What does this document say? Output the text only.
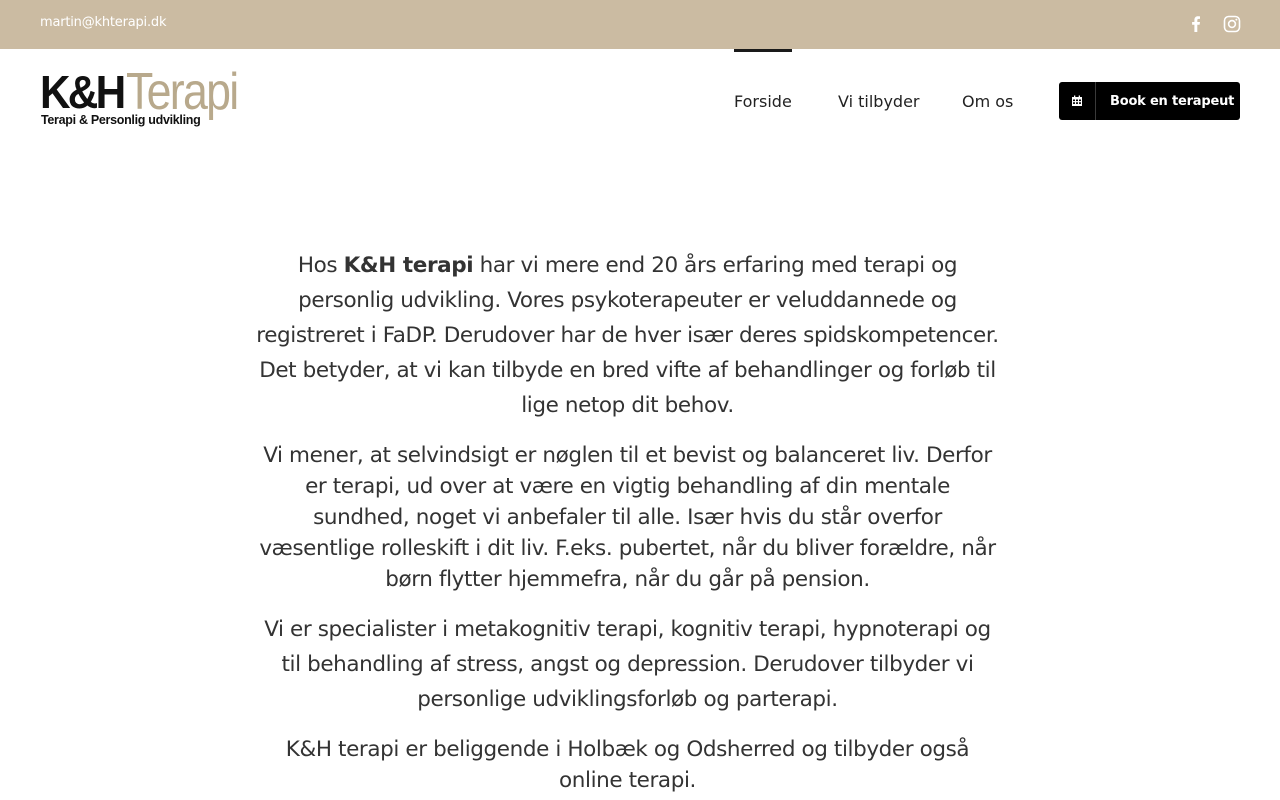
martin@khterapi.dk
K&H Terapi
Terapi & Personlig udvikling
Forside	Vi tilbyder	Om os	Book en terapeut

Hos K&H terapi har vi mere end 20 års erfaring med terapi og personlig udvikling. Vores psykoterapeuter er veluddannede og registreret i FaDP. Derudover har de hver især deres spidskompetencer. Det betyder, at vi kan tilbyde en bred vifte af behandlinger og forløb til lige netop dit behov.

Vi mener, at selvindsigt er nøglen til et bevist og balanceret liv. Derfor er terapi, ud over at være en vigtig behandling af din mentale sundhed, noget vi anbefaler til alle. Især hvis du står overfor væsentlige rolleskift i dit liv. F.eks. pubertet, når du bliver forældre, når børn flytter hjemmefra, når du går på pension.

Vi er specialister i metakognitiv terapi, kognitiv terapi, hypnoterapi og til behandling af stress, angst og depression. Derudover tilbyder vi personlige udviklingsforløb og parterapi.

K&H terapi er beliggende i Holbæk og Odsherred og tilbyder også online terapi.
